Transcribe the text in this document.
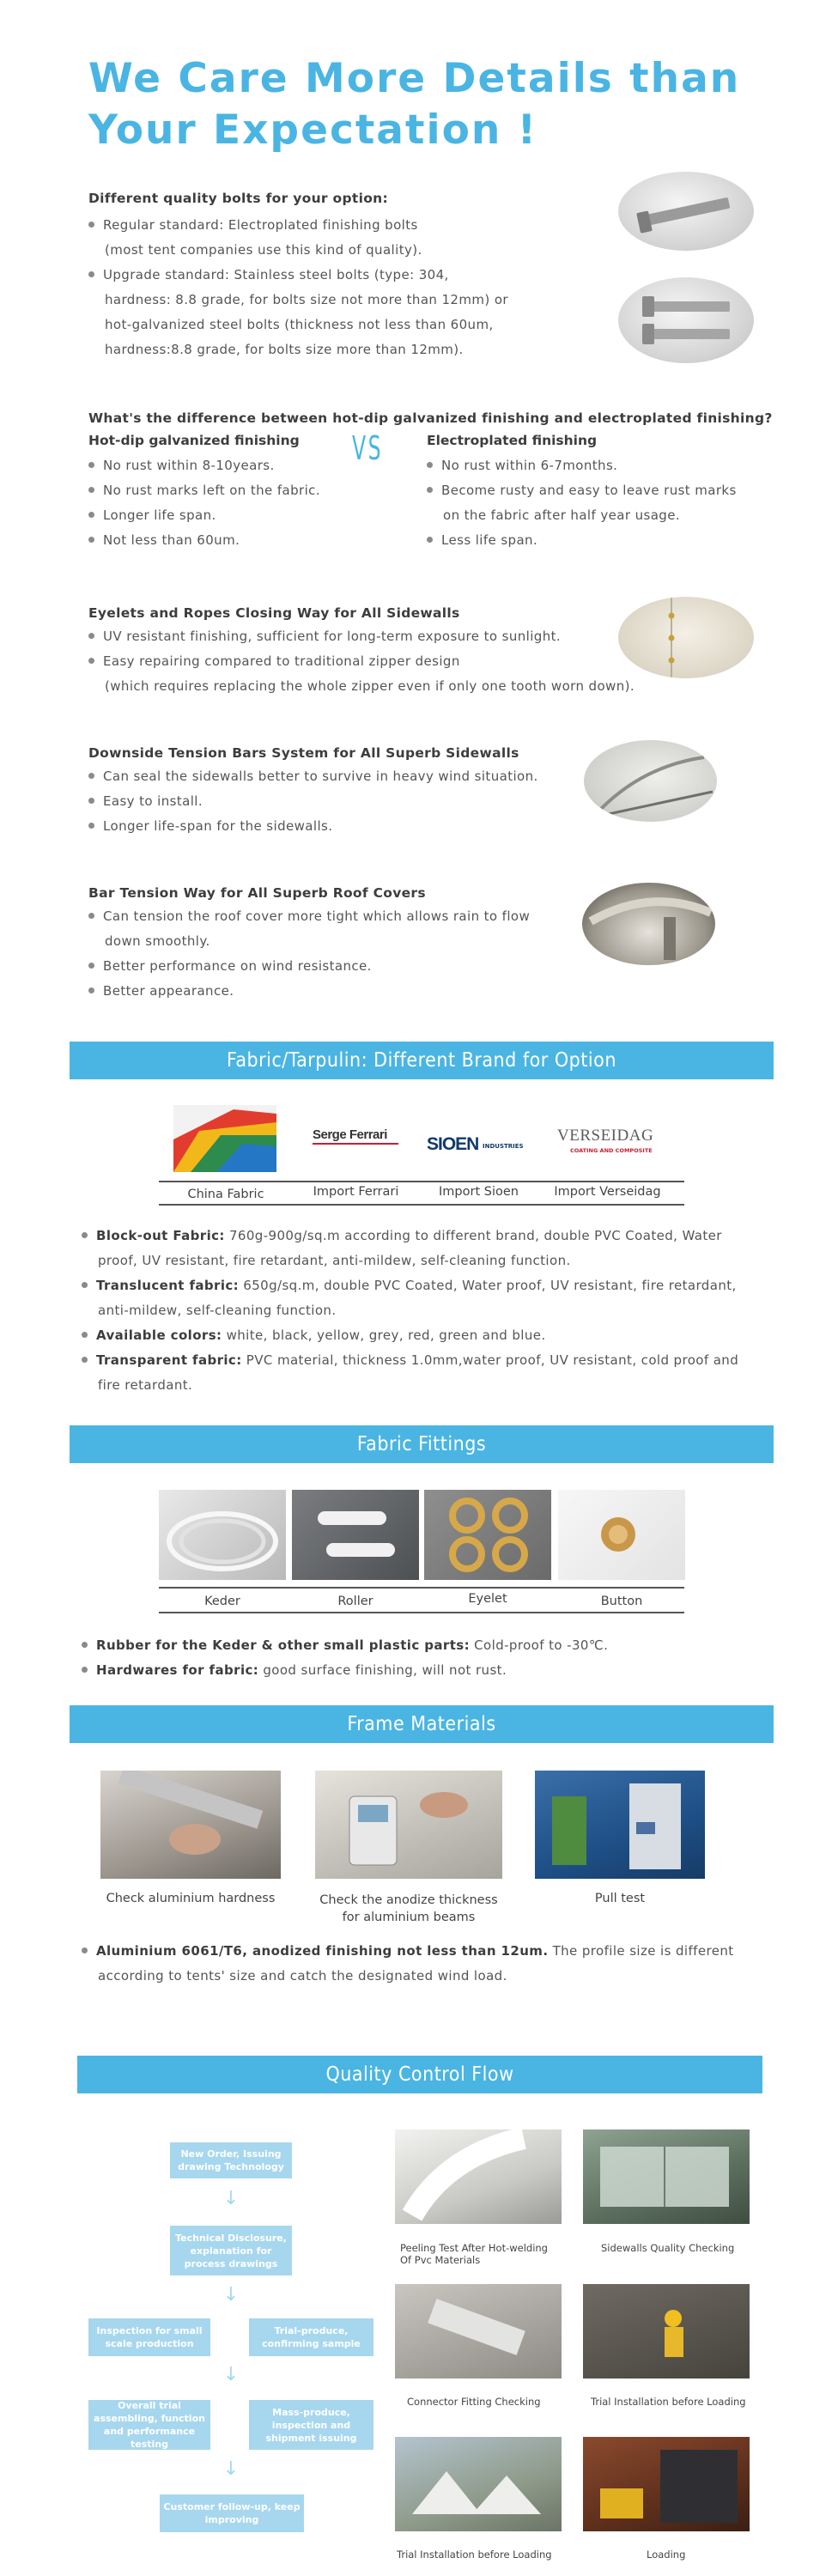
We Care More Details than
Your Expectation !
Different quality bolts for your option:
Regular standard: Electroplated finishing bolts
(most tent companies use this kind of quality).
Upgrade standard: Stainless steel bolts (type: 304,
hardness: 8.8 grade, for bolts size not more than 12mm) or
hot-galvanized steel bolts (thickness not less than 60um,
hardness:8.8 grade, for bolts size more than 12mm).
What's the difference between hot-dip galvanized finishing and electroplated finishing?
Hot-dip galvanized finishing
No rust within 8-10years.
No rust marks left on the fabric.
Longer life span.
Not less than 60um.
VS	Electroplated finishing
No rust within 6-7months.
Become rusty and easy to leave rust marks
on the fabric after half year usage.
Less life span.
Eyelets and Ropes Closing Way for All Sidewalls
UV resistant finishing, sufficient for long-term exposure to sunlight.
Easy repairing compared to traditional zipper design
(which requires replacing the whole zipper even if only one tooth worn down).
Downside Tension Bars System for All Superb Sidewalls
Can seal the sidewalls better to survive in heavy wind situation.
Easy to install.
Longer life-span for the sidewalls.
Bar Tension Way for All Superb Roof Covers
Can tension the roof cover more tight which allows rain to flow
down smoothly.
Better performance on wind resistance.
Better appearance.
Fabric/Tarpulin: Different Brand for Option
Serge Ferrari	SIOEN INDUSTRIES
VERSEIDAG
COATING AND COMPOSITE
China Fabric	Import Ferrari	Import Sioen	Import Verseidag
Block-out Fabric: 760g-900g/sq.m according to different brand, double PVC Coated, Water
proof, UV resistant, fire retardant, anti-mildew, self-cleaning function.
Translucent fabric: 650g/sq.m, double PVC Coated, Water proof, UV resistant, fire retardant,
anti-mildew, self-cleaning function.
Available colors: white, black, yellow, grey, red, green and blue.
Transparent fabric: PVC material, thickness 1.0mm,water proof, UV resistant, cold proof and
fire retardant.
Fabric Fittings
Keder	Roller	Eyelet	Button
Rubber for the Keder & other small plastic parts: Cold-proof to -30℃.
Hardwares for fabric: good surface finishing, will not rust.
Frame Materials
Check aluminium hardness	Check the anodize thickness
for aluminium beams
Pull test
Aluminium 6061/T6, anodized finishing not less than 12um. The profile size is different
according to tents' size and catch the designated wind load.
Quality Control Flow
New Order, Issuing drawing Technology
↓
Technical Disclosure, explanation for process drawings
↓
Inspection for small scale production
Trial-produce, confirming sample
↓
Overall trial assembling, function and performance testing
Mass-produce, inspection and shipment issuing
↓
Customer follow-up, keep improving
Peeling Test After Hot-welding
Of Pvc Materials
Sidewalls Quality Checking
Connector Fitting Checking	Trial Installation before Loading
Trial Installation before Loading	Loading
